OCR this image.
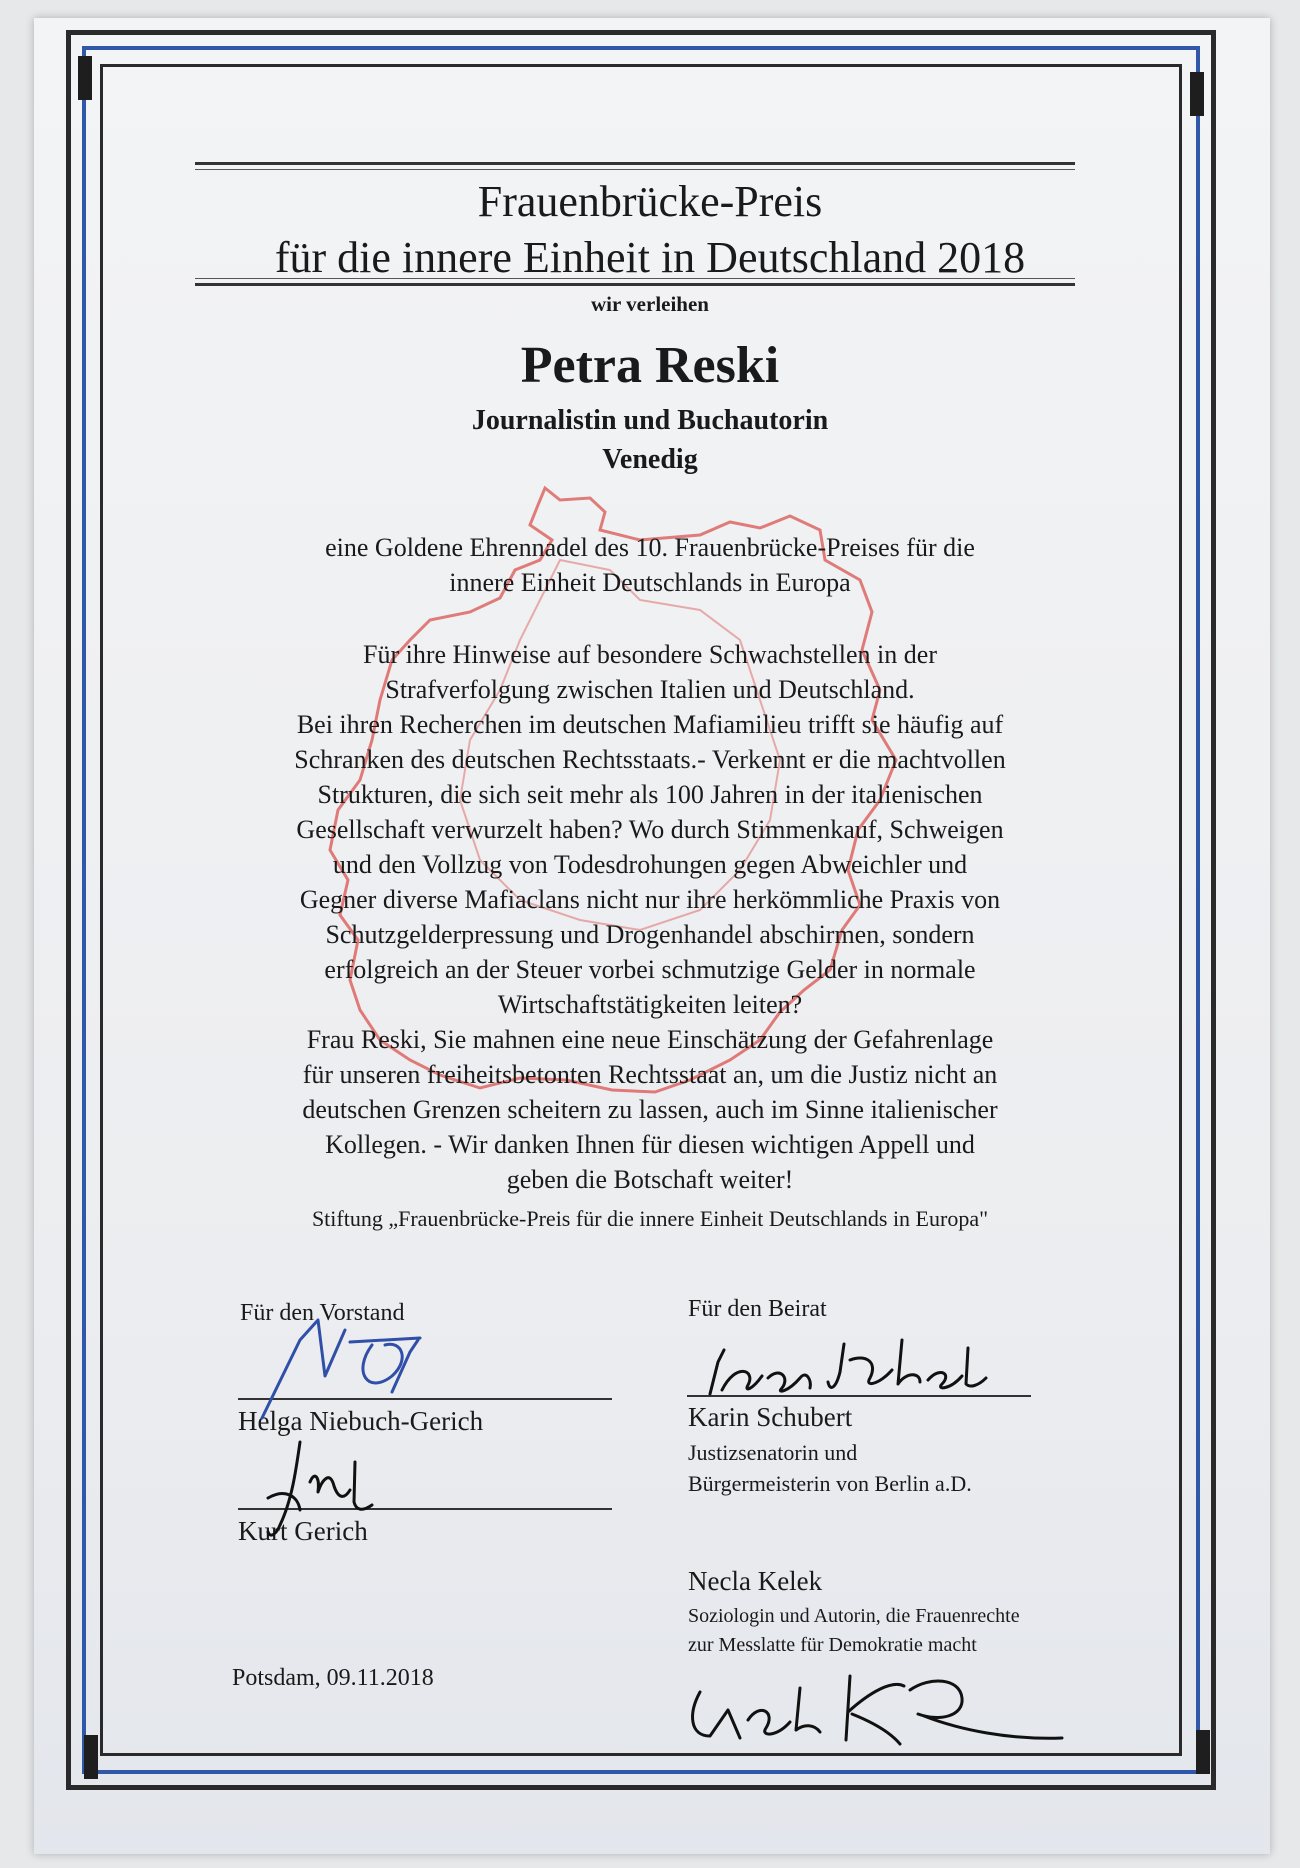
Frauenbrücke-Preis
für die innere Einheit in Deutschland 2018
wir verleihen
Petra Reski
Journalistin und Buchautorin
Venedig
eine Goldene Ehrennadel des 10. Frauenbrücke-Preises für die
innere Einheit Deutschlands in Europa

Für ihre Hinweise auf besondere Schwachstellen in der

Strafverfolgung zwischen Italien und Deutschland.

Bei ihren Recherchen im deutschen Mafiamilieu trifft sie häufig auf

Schranken des deutschen Rechtsstaats.- Verkennt er die machtvollen

Strukturen, die sich seit mehr als 100 Jahren in der italienischen

Gesellschaft verwurzelt haben? Wo durch Stimmenkauf, Schweigen

und den Vollzug von Todesdrohungen gegen Abweichler und

Gegner diverse Mafiaclans nicht nur ihre herkömmliche Praxis von

Schutzgelderpressung und Drogenhandel abschirmen, sondern

erfolgreich an der Steuer vorbei schmutzige Gelder in normale

Wirtschaftstätigkeiten leiten?

Frau Reski, Sie mahnen eine neue Einschätzung der Gefahrenlage

für unseren freiheitsbetonten Rechtsstaat an, um die Justiz nicht an

deutschen Grenzen scheitern zu lassen, auch im Sinne italienischer

Kollegen. - Wir danken Ihnen für diesen wichtigen Appell und

geben die Botschaft weiter!

Stiftung „Frauenbrücke-Preis für die innere Einheit Deutschlands in Europa"
Für den Vorstand
Helga Niebuch-Gerich
Kurt Gerich
Potsdam, 09.11.2018
Für den Beirat
Karin Schubert
Justizsenatorin und
Bürgermeisterin von Berlin a.D.
Necla Kelek
Soziologin und Autorin, die Frauenrechte
zur Messlatte für Demokratie macht
